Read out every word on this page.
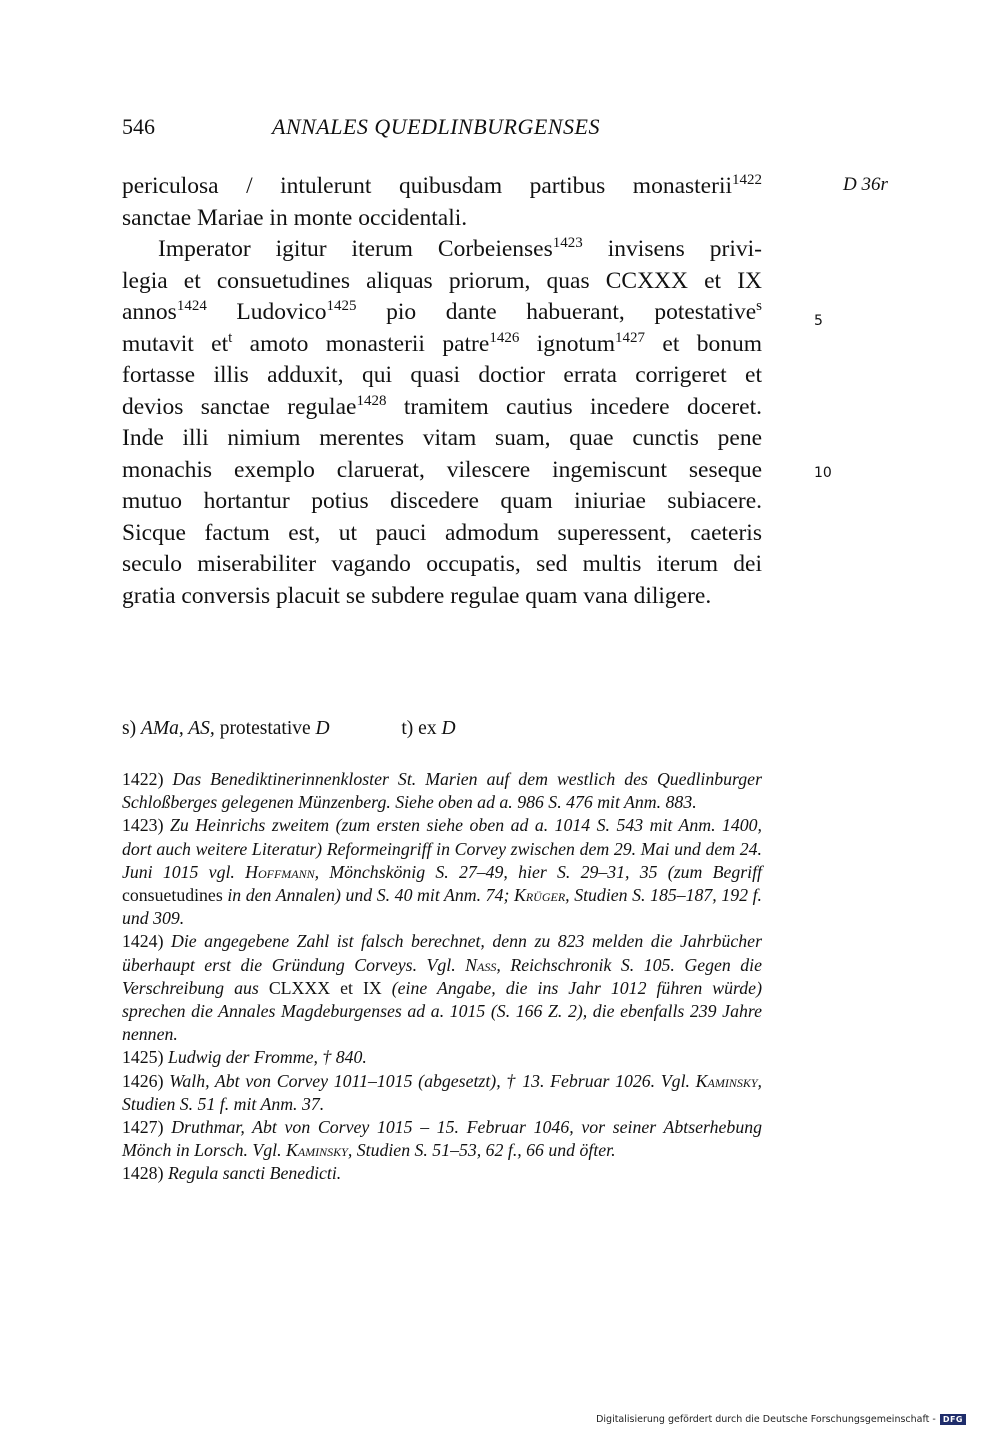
546	ANNALES QUEDLINBURGENSES
D 36r
5
10
periculosa / intulerunt quibusdam partibus monasterii$^{1422}$
sanctae Mariae in monte occidentali.
Imperator igitur iterum Corbeienses$^{1423}$ invisens privi-
legia et consuetudines aliquas priorum, quas CCXXX et IX
annos$^{1424}$ Ludovico$^{1425}$ pio dante habuerant, potestative$^s$
mutavit et$^t$ amoto monasterii patre$^{1426}$ ignotum$^{1427}$ et bonum
fortasse illis adduxit, qui quasi doctior errata corrigeret et
devios sanctae regulae$^{1428}$ tramitem cautius incedere doceret.
Inde illi nimium merentes vitam suam, quae cunctis pene
monachis exemplo claruerat, vilescere ingemiscunt seseque
mutuo hortantur potius discedere quam iniuriae subiacere.
Sicque factum est, ut pauci admodum superessent, caeteris
seculo miserabiliter vagando occupatis, sed multis iterum dei
gratia conversis placuit se subdere regulae quam vana diligere.
s) AMa, AS, protestative D	t) ex D
1422) Das Benediktinerinnenkloster St. Marien auf dem westlich des Quedlinburger Schloßberges gelegenen Münzenberg. Siehe oben ad a. 986 S. 476 mit Anm. 883.
1423) Zu Heinrichs zweitem (zum ersten siehe oben ad a. 1014 S. 543 mit Anm. 1400, dort auch weitere Literatur) Reformeingriff in Corvey zwischen dem 29. Mai und dem 24. Juni 1015 vgl. Hoffmann, Mönchskönig S. 27–49, hier S. 29–31, 35 (zum Begriff consuetudines in den Annalen) und S. 40 mit Anm. 74; Krüger, Studien S. 185–187, 192 f. und 309.
1424) Die angegebene Zahl ist falsch berechnet, denn zu 823 melden die Jahrbücher überhaupt erst die Gründung Corveys. Vgl. Nass, Reichschronik S. 105. Gegen die Verschreibung aus CLXXX et IX (eine Angabe, die ins Jahr 1012 führen würde) sprechen die Annales Magdeburgenses ad a. 1015 (S. 166 Z. 2), die ebenfalls 239 Jahre nennen.
1425) Ludwig der Fromme, † 840.
1426) Walh, Abt von Corvey 1011–1015 (abgesetzt), † 13. Februar 1026. Vgl. Kaminsky, Studien S. 51 f. mit Anm. 37.
1427) Druthmar, Abt von Corvey 1015 – 15. Februar 1046, vor seiner Abtserhebung Mönch in Lorsch. Vgl. Kaminsky, Studien S. 51–53, 62 f., 66 und öfter.
1428) Regula sancti Benedicti.
Digitalisierung gefördert durch die Deutsche Forschungsgemeinschaft - DFG
